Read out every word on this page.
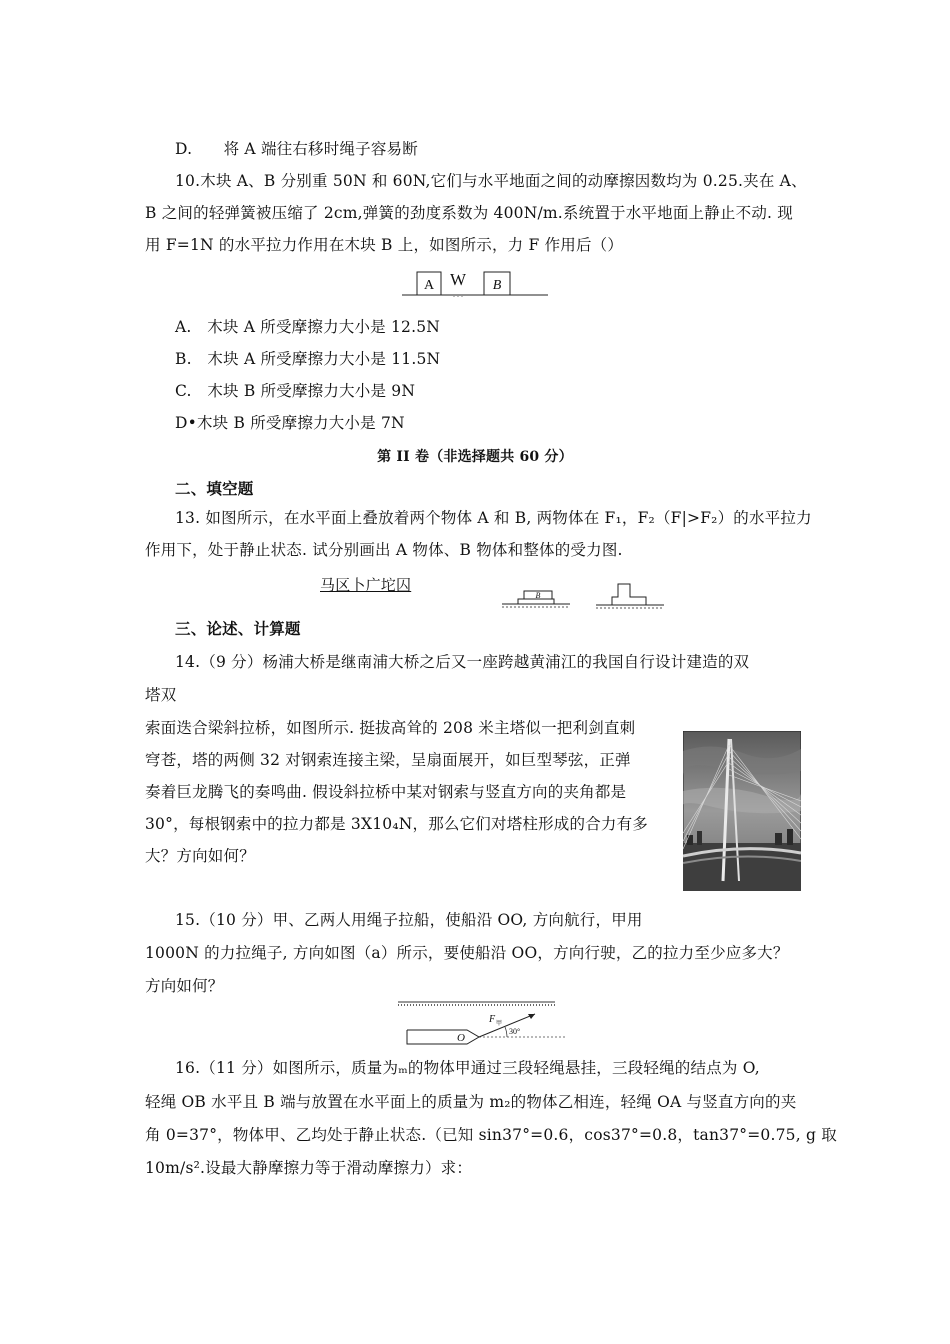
D.　　将 A 端往右移时绳子容易断
10.木块 A、B 分别重 50N 和 60N,它们与水平地面之间的动摩擦因数均为 0.25.夹在 A、
B 之间的轻弹簧被压缩了 2cm,弹簧的劲度系数为 400N/m.系统置于水平地面上静止不动. 现
用 F=1N 的水平拉力作用在木块 B 上，如图所示，力 F 作用后（）
A W
. . .
B
A.　木块 A 所受摩擦力大小是 12.5N
B.　木块 A 所受摩擦力大小是 11.5N
C.　木块 B 所受摩擦力大小是 9N
D•木块 B 所受摩擦力大小是 7N
第 II 卷（非选择题共 60 分）
二、填空题
13. 如图所示，在水平面上叠放着两个物体 A 和 B, 两物体在 F₁，F₂（F|>F₂）的水平拉力
作用下，处于静止状态. 试分别画出 A 物体、B 物体和整体的受力图.
马区卜广坨囚
B
三、论述、计算题
14.（9 分）杨浦大桥是继南浦大桥之后又一座跨越黄浦江的我国自行设计建造的双
塔双
索面迭合梁斜拉桥，如图所示. 挺拔高耸的 208 米主塔似一把利剑直刺
穹苍，塔的两侧 32 对钢索连接主梁，呈扇面展开，如巨型琴弦，正弹
奏着巨龙腾飞的奏鸣曲. 假设斜拉桥中某对钢索与竖直方向的夹角都是
30°，每根钢索中的拉力都是 3X10₄N，那么它们对塔柱形成的合力有多
大？方向如何？
15.（10 分）甲、乙两人用绳子拉船，使船沿 OO, 方向航行，甲用
1000N 的力拉绳子, 方向如图（a）所示，要使船沿 OO，方向行驶，乙的拉力至少应多大？
方向如何？
O
F 甲
30°
16.（11 分）如图所示，质量为ₘ的物体甲通过三段轻绳悬挂，三段轻绳的结点为 O,
轻绳 OB 水平且 B 端与放置在水平面上的质量为 m₂的物体乙相连，轻绳 OA 与竖直方向的夹
角 0=37°，物体甲、乙均处于静止状态.（已知 sin37°=0.6，cos37°=0.8，tan37°=0.75, g 取
10m/s².设最大静摩擦力等于滑动摩擦力）求：
